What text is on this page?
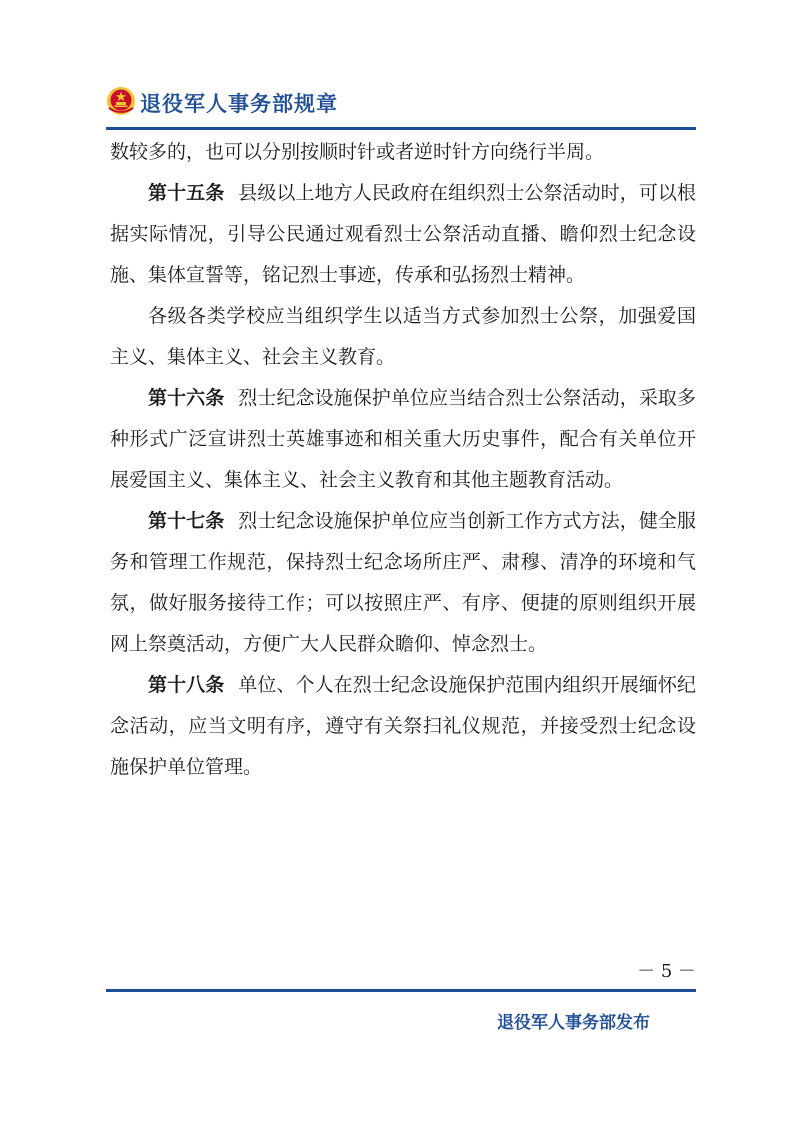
退役军人事务部规章

数较多的，也可以分别按顺时针或者逆时针方向绕行半周。

第十五条 县级以上地方人民政府在组织烈士公祭活动时，可以根据实际情况，引导公民通过观看烈士公祭活动直播、瞻仰烈士纪念设施、集体宣誓等，铭记烈士事迹，传承和弘扬烈士精神。

各级各类学校应当组织学生以适当方式参加烈士公祭，加强爱国主义、集体主义、社会主义教育。

第十六条 烈士纪念设施保护单位应当结合烈士公祭活动，采取多种形式广泛宣讲烈士英雄事迹和相关重大历史事件，配合有关单位开展爱国主义、集体主义、社会主义教育和其他主题教育活动。

第十七条 烈士纪念设施保护单位应当创新工作方式方法，健全服务和管理工作规范，保持烈士纪念场所庄严、肃穆、清净的环境和气氛，做好服务接待工作；可以按照庄严、有序、便捷的原则组织开展网上祭奠活动，方便广大人民群众瞻仰、悼念烈士。

第十八条 单位、个人在烈士纪念设施保护范围内组织开展缅怀纪念活动，应当文明有序，遵守有关祭扫礼仪规范，并接受烈士纪念设施保护单位管理。

－ 5 －
退役军人事务部发布
